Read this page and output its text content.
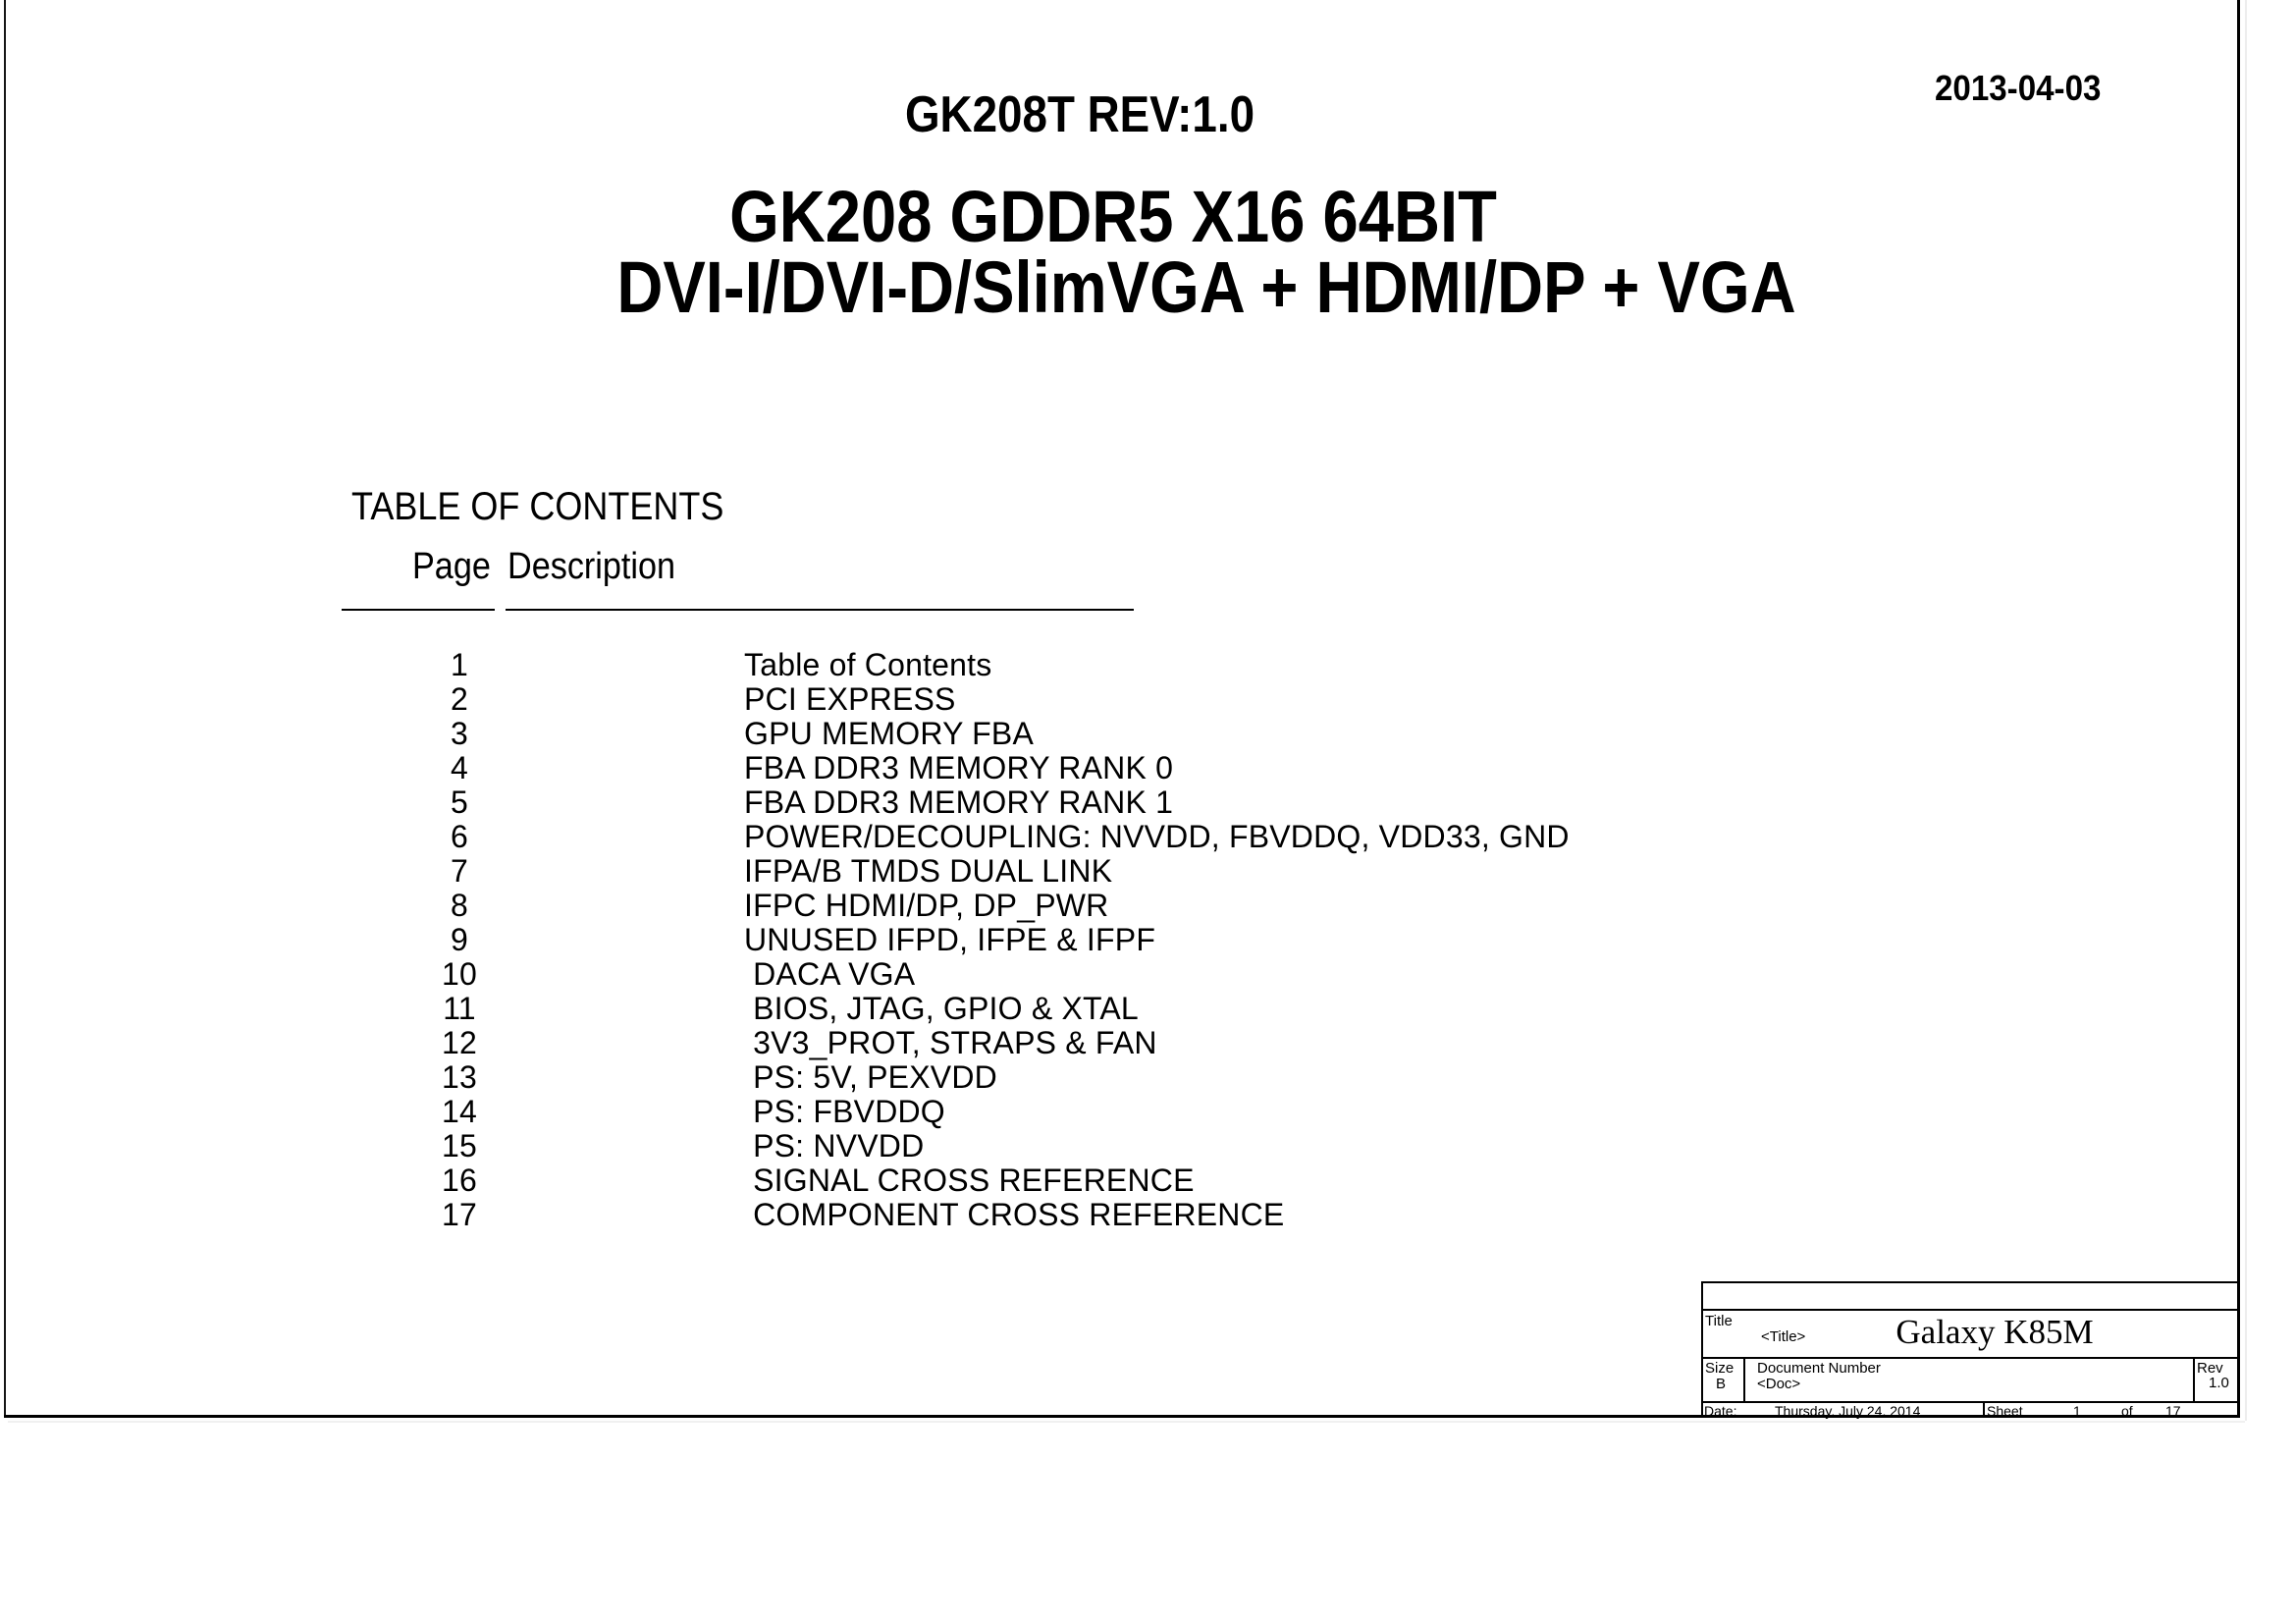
2013-04-03
GK208T REV:1.0
GK208 GDDR5 X16 64BIT
DVI-I/DVI-D/SlimVGA + HDMI/DP + VGA
TABLE OF CONTENTS
Page Description
1	Table of Contents
2	PCI EXPRESS
3	GPU MEMORY FBA
4	FBA DDR3 MEMORY RANK 0
5	FBA DDR3 MEMORY RANK 1
6	POWER/DECOUPLING: NVVDD, FBVDDQ, VDD33, GND
7	IFPA/B TMDS DUAL LINK
8	IFPC HDMI/DP, DP_PWR
9	UNUSED IFPD, IFPE & IFPF
10	DACA VGA
11	BIOS, JTAG, GPIO & XTAL
12	3V3_PROT, STRAPS & FAN
13	PS: 5V, PEXVDD
14	PS: FBVDDQ
15	PS: NVVDD
16	SIGNAL CROSS REFERENCE
17	COMPONENT CROSS REFERENCE
Title
<Title>	Galaxy K85M
Size
B
Document Number
<Doc>
Rev
1.0
Date:	Thursday, July 24, 2014	Sheet	1	of 17
